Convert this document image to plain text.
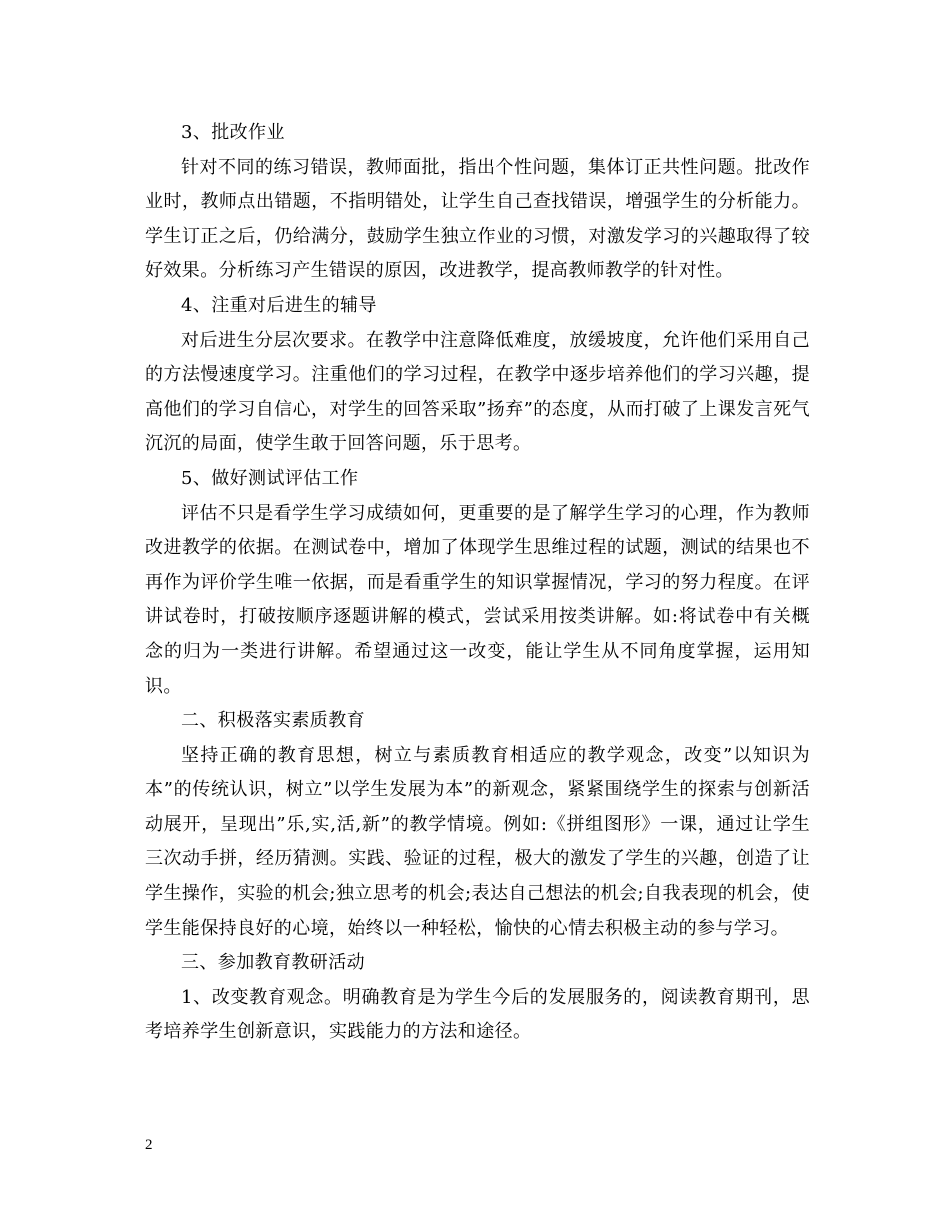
3、批改作业

针对不同的练习错误，教师面批，指出个性问题，集体订正共性问题。批改作业时，教师点出错题，不指明错处，让学生自己查找错误，增强学生的分析能力。学生订正之后，仍给满分，鼓励学生独立作业的习惯，对激发学习的兴趣取得了较好效果。分析练习产生错误的原因，改进教学，提高教师教学的针对性。

4、注重对后进生的辅导

对后进生分层次要求。在教学中注意降低难度，放缓坡度，允许他们采用自己的方法慢速度学习。注重他们的学习过程，在教学中逐步培养他们的学习兴趣，提高他们的学习自信心，对学生的回答采取”扬弃”的态度，从而打破了上课发言死气沉沉的局面，使学生敢于回答问题，乐于思考。

5、做好测试评估工作

评估不只是看学生学习成绩如何，更重要的是了解学生学习的心理，作为教师改进教学的依据。在测试卷中，增加了体现学生思维过程的试题，测试的结果也不再作为评价学生唯一依据，而是看重学生的知识掌握情况，学习的努力程度。在评讲试卷时，打破按顺序逐题讲解的模式，尝试采用按类讲解。如:将试卷中有关概念的归为一类进行讲解。希望通过这一改变，能让学生从不同角度掌握，运用知识。

二、积极落实素质教育

坚持正确的教育思想，树立与素质教育相适应的教学观念，改变”以知识为本”的传统认识，树立”以学生发展为本”的新观念，紧紧围绕学生的探索与创新活动展开，呈现出”乐,实,活,新”的教学情境。例如:《拼组图形》一课，通过让学生三次动手拼，经历猜测。实践、验证的过程，极大的激发了学生的兴趣，创造了让学生操作，实验的机会;独立思考的机会;表达自己想法的机会;自我表现的机会，使学生能保持良好的心境，始终以一种轻松，愉快的心情去积极主动的参与学习。

三、参加教育教研活动

1、改变教育观念。明确教育是为学生今后的发展服务的，阅读教育期刊，思考培养学生创新意识，实践能力的方法和途径。

2
